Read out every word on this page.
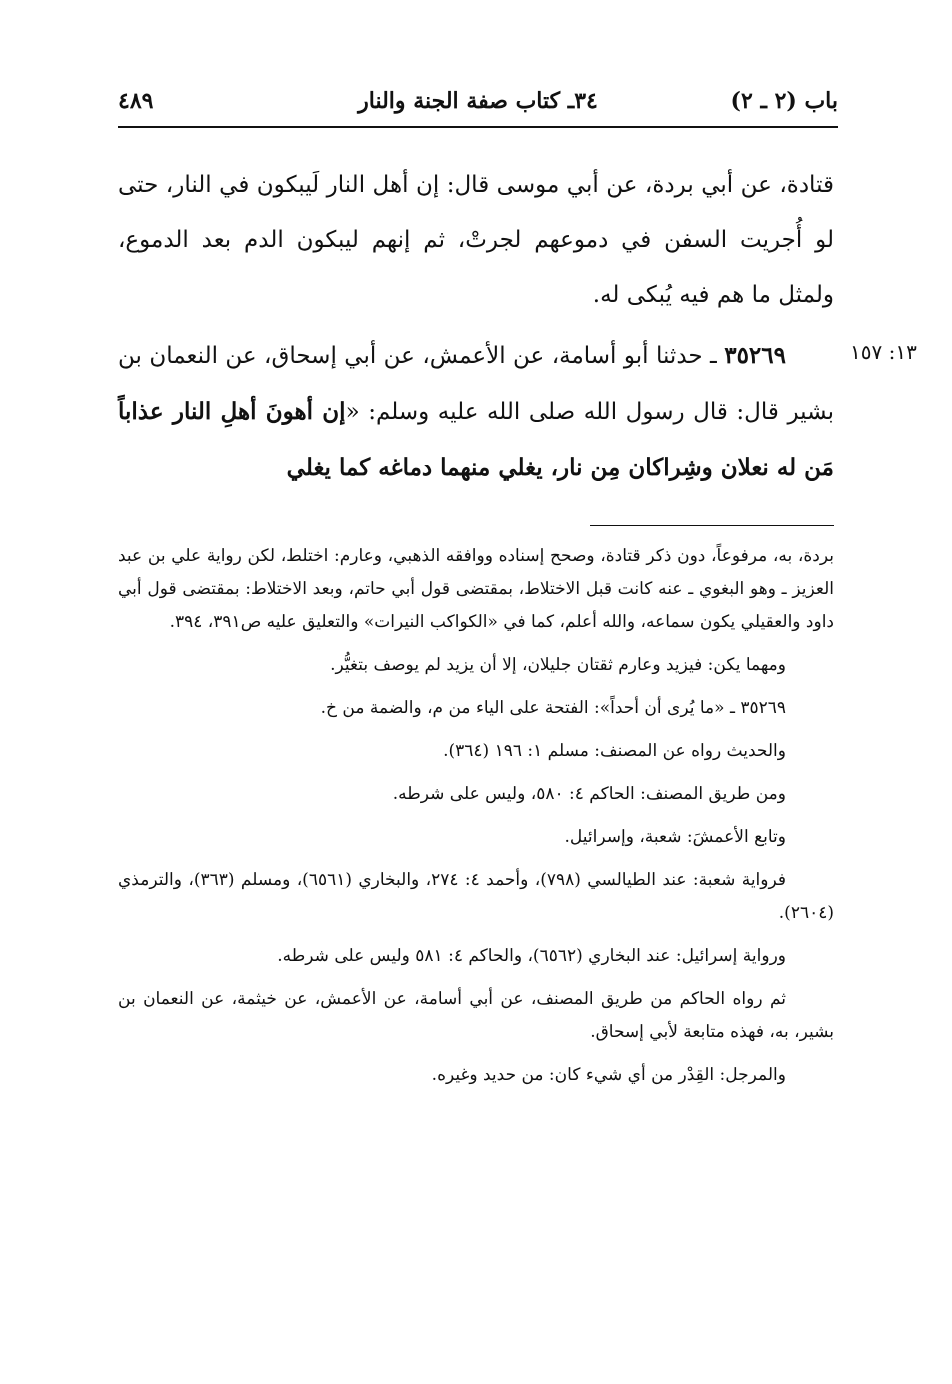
باب (٢ ـ ٢)
٣٤ـ كتاب صفة الجنة والنار
٤٨٩

قتادة، عن أبي بردة، عن أبي موسى قال: إن أهل النار لَيبكون في النار، حتى لو أُجريت السفن في دموعهم لجرتْ، ثم إنهم ليبكون الدم بعد الدموع، ولمثل ما هم فيه يُبكى له.

١٣: ١٥٧

٣٥٢٦٩ ـ حدثنا أبو أسامة، عن الأعمش، عن أبي إسحاق، عن النعمان بن بشير قال: قال رسول الله صلى الله عليه وسلم: «إن أهونَ أهلِ النار عذاباً مَن له نعلان وشِراكان مِن نار، يغلي منهما دماغه كما يغلي

بردة، به، مرفوعاً، دون ذكر قتادة، وصحح إسناده ووافقه الذهبي، وعارم: اختلط، لكن رواية علي بن عبد العزيز ـ وهو البغوي ـ عنه كانت قبل الاختلاط، بمقتضى قول أبي حاتم، وبعد الاختلاط: بمقتضى قول أبي داود والعقيلي يكون سماعه، والله أعلم، كما في «الكواكب النيرات» والتعليق عليه ص٣٩١، ٣٩٤.

ومهما يكن: فيزيد وعارم ثقتان جليلان، إلا أن يزيد لم يوصف بتغيُّر.

٣٥٢٦٩ ـ «ما يُرى أن أحداً»: الفتحة على الياء من م، والضمة من خ.

والحديث رواه عن المصنف: مسلم ١: ١٩٦ (٣٦٤).

ومن طريق المصنف: الحاكم ٤: ٥٨٠، وليس على شرطه.

وتابع الأعمشَ: شعبة، وإسرائيل.

فرواية شعبة: عند الطيالسي (٧٩٨)، وأحمد ٤: ٢٧٤، والبخاري (٦٥٦١)، ومسلم (٣٦٣)، والترمذي (٢٦٠٤).

ورواية إسرائيل: عند البخاري (٦٥٦٢)، والحاكم ٤: ٥٨١ وليس على شرطه.

ثم رواه الحاكم من طريق المصنف، عن أبي أسامة، عن الأعمش، عن خيثمة، عن النعمان بن بشير، به، فهذه متابعة لأبي إسحاق.

والمرجل: القِدْر من أي شيء كان: من حديد وغيره.
